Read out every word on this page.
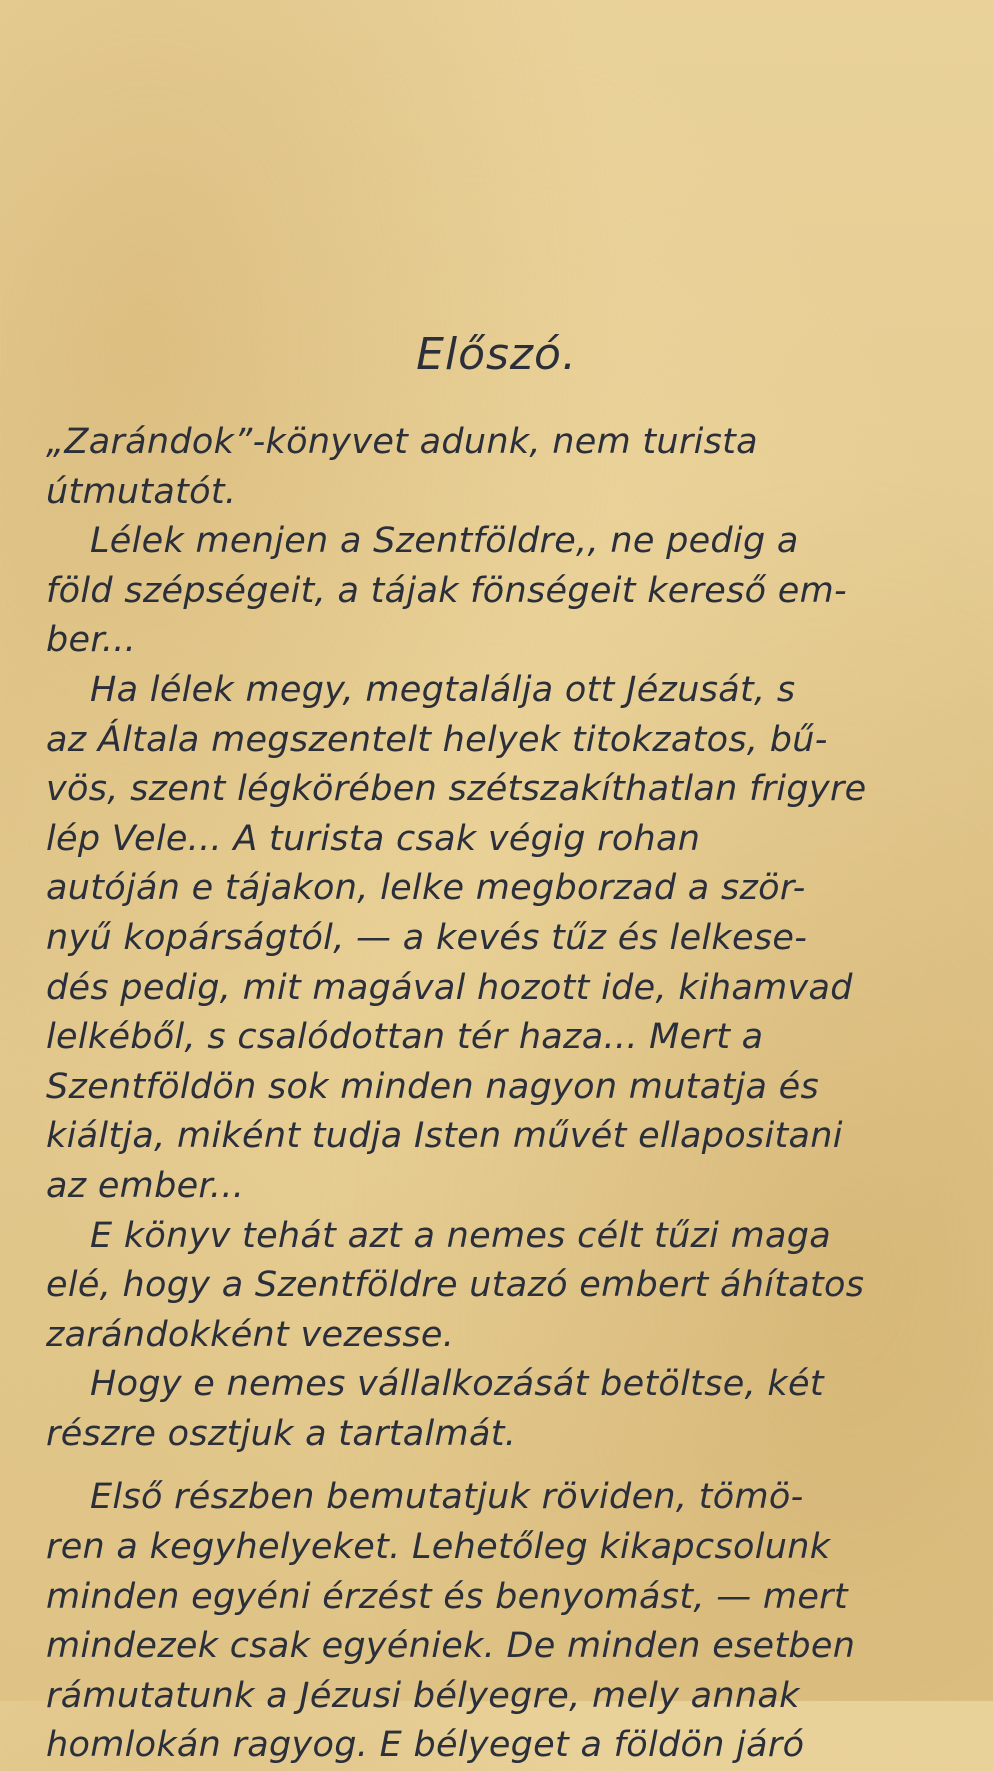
Előszó.
„Zarándok”-könyvet adunk, nem turista
útmutatót.
Lélek menjen a Szentföldre,, ne pedig a
föld szépségeit, a tájak fönségeit kereső em-
ber...
Ha lélek megy, megtalálja ott Jézusát, s
az Általa megszentelt helyek titokzatos, bű-
vös, szent légkörében szétszakíthatlan frigyre
lép Vele... A turista csak végig rohan
autóján e tájakon, lelke megborzad a ször-
nyű kopárságtól, — a kevés tűz és lelkese-
dés pedig, mit magával hozott ide, kihamvad
lelkéből, s csalódottan tér haza... Mert a
Szentföldön sok minden nagyon mutatja és
kiáltja, miként tudja Isten művét ellapositani
az ember...
E könyv tehát azt a nemes célt tűzi maga
elé, hogy a Szentföldre utazó embert áhítatos
zarándokként vezesse.
Hogy e nemes vállalkozását betöltse, két
részre osztjuk a tartalmát.
Első részben bemutatjuk röviden, tömö-
ren a kegyhelyeket. Lehetőleg kikapcsolunk
minden egyéni érzést és benyomást, — mert
mindezek csak egyéniek. De minden esetben
rámutatunk a Jézusi bélyegre, mely annak
homlokán ragyog. E bélyeget a földön járó
